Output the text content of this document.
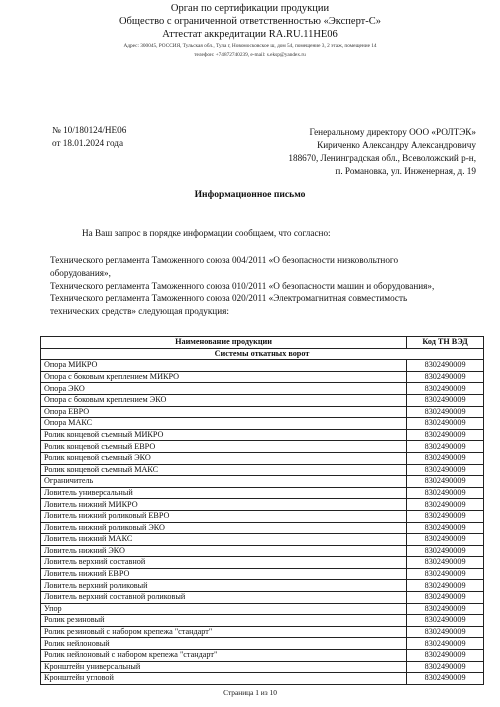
Орган по сертификации продукции
Общество с ограниченной ответственностью «Эксперт-С»
Аттестат аккредитации RA.RU.11НЕ06
Адрес: 300045, РОССИЯ, Тульская обл., Тула г, Новомосковское ш, дом 54, помещение 3, 2 этаж, помещение 14
телефон: +74872740239, e-mail: s.eksp@yandex.ru
№ 10/180124/НЕ06
от 18.01.2024 года
Генеральному директору ООО «РОЛТЭК»
Кириченко Александру Александровичу
188670, Ленинградская обл., Всеволожский р-н,
п. Романовка, ул. Инженерная, д. 19
Информационное письмо
На Ваш запрос в порядке информации сообщаем, что согласно:
Технического регламента Таможенного союза 004/2011 «О безопасности низковольтного
оборудования»,
Технического регламента Таможенного союза 010/2011 «О безопасности машин и оборудования»,
Технического регламента Таможенного союза 020/2011 «Электромагнитная совместимость
технических средств» следующая продукция:
Наименование продукции	Код ТН ВЭД
Системы откатных ворот	
Опора МИКРО	8302490009
Опора с боковым креплением МИКРО	8302490009
Опора ЭКО	8302490009
Опора с боковым креплением ЭКО	8302490009
Опора ЕВРО	8302490009
Опора МАКС	8302490009
Ролик концевой съемный МИКРО	8302490009
Ролик концевой съемный ЕВРО	8302490009
Ролик концевой съемный ЭКО	8302490009
Ролик концевой съемный МАКС	8302490009
Ограничитель	8302490009
Ловитель универсальный	8302490009
Ловитель нижний МИКРО	8302490009
Ловитель нижний роликовый ЕВРО	8302490009
Ловитель нижний роликовый ЭКО	8302490009
Ловитель нижний МАКС	8302490009
Ловитель нижний ЭКО	8302490009
Ловитель верхний составной	8302490009
Ловитель нижний ЕВРО	8302490009
Ловитель верхний роликовый	8302490009
Ловитель верхний составной роликовый	8302490009
Упор	8302490009
Ролик резиновый	8302490009
Ролик резиновый с набором крепежа "стандарт"	8302490009
Ролик нейлоновый	8302490009
Ролик нейлоновый с набором крепежа "стандарт"	8302490009
Кронштейн универсальный	8302490009
Кронштейн угловой	8302490009
Страница 1 из 10
